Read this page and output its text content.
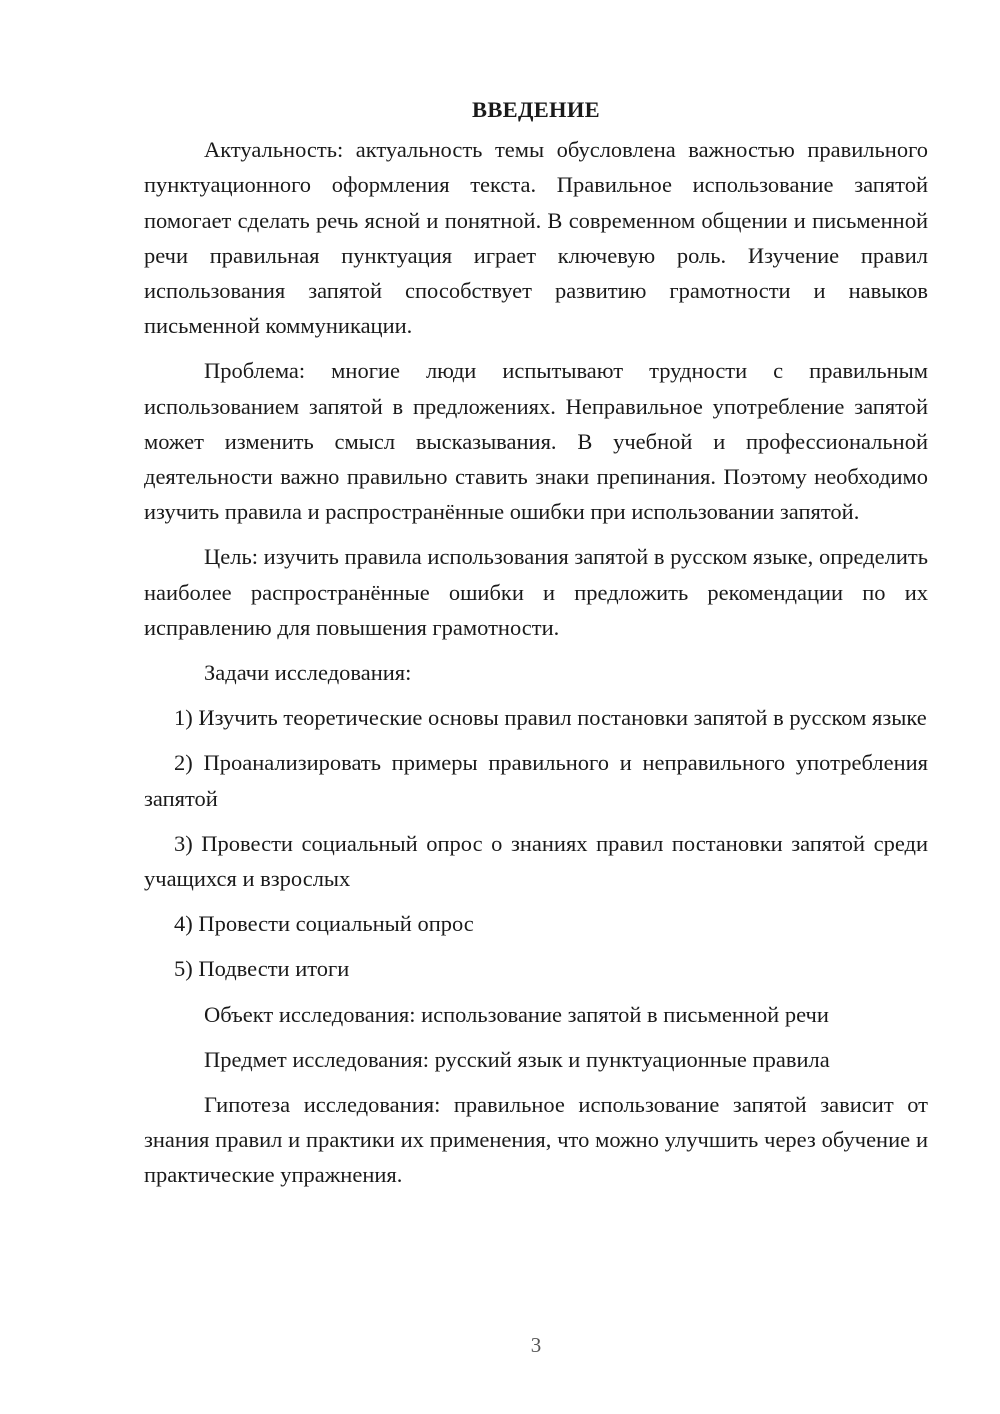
ВВЕДЕНИЕ

Актуальность: актуальность темы обусловлена важностью правильного пунктуационного оформления текста. Правильное использование запятой помогает сделать речь ясной и понятной. В современном общении и письменной речи правильная пунктуация играет ключевую роль. Изучение правил использования запятой способствует развитию грамотности и навыков письменной коммуникации.

Проблема: многие люди испытывают трудности с правильным использованием запятой в предложениях. Неправильное употребление запятой может изменить смысл высказывания. В учебной и профессиональной деятельности важно правильно ставить знаки препинания. Поэтому необходимо изучить правила и распространённые ошибки при использовании запятой.

Цель: изучить правила использования запятой в русском языке, определить наиболее распространённые ошибки и предложить рекомендации по их исправлению для повышения грамотности.

Задачи исследования:

1) Изучить теоретические основы правил постановки запятой в русском языке

2) Проанализировать примеры правильного и неправильного употребления запятой

3) Провести социальный опрос о знаниях правил постановки запятой среди учащихся и взрослых

4) Провести социальный опрос

5) Подвести итоги

Объект исследования: использование запятой в письменной речи

Предмет исследования: русский язык и пунктуационные правила

Гипотеза исследования: правильное использование запятой зависит от знания правил и практики их применения, что можно улучшить через обучение и практические упражнения.

3
